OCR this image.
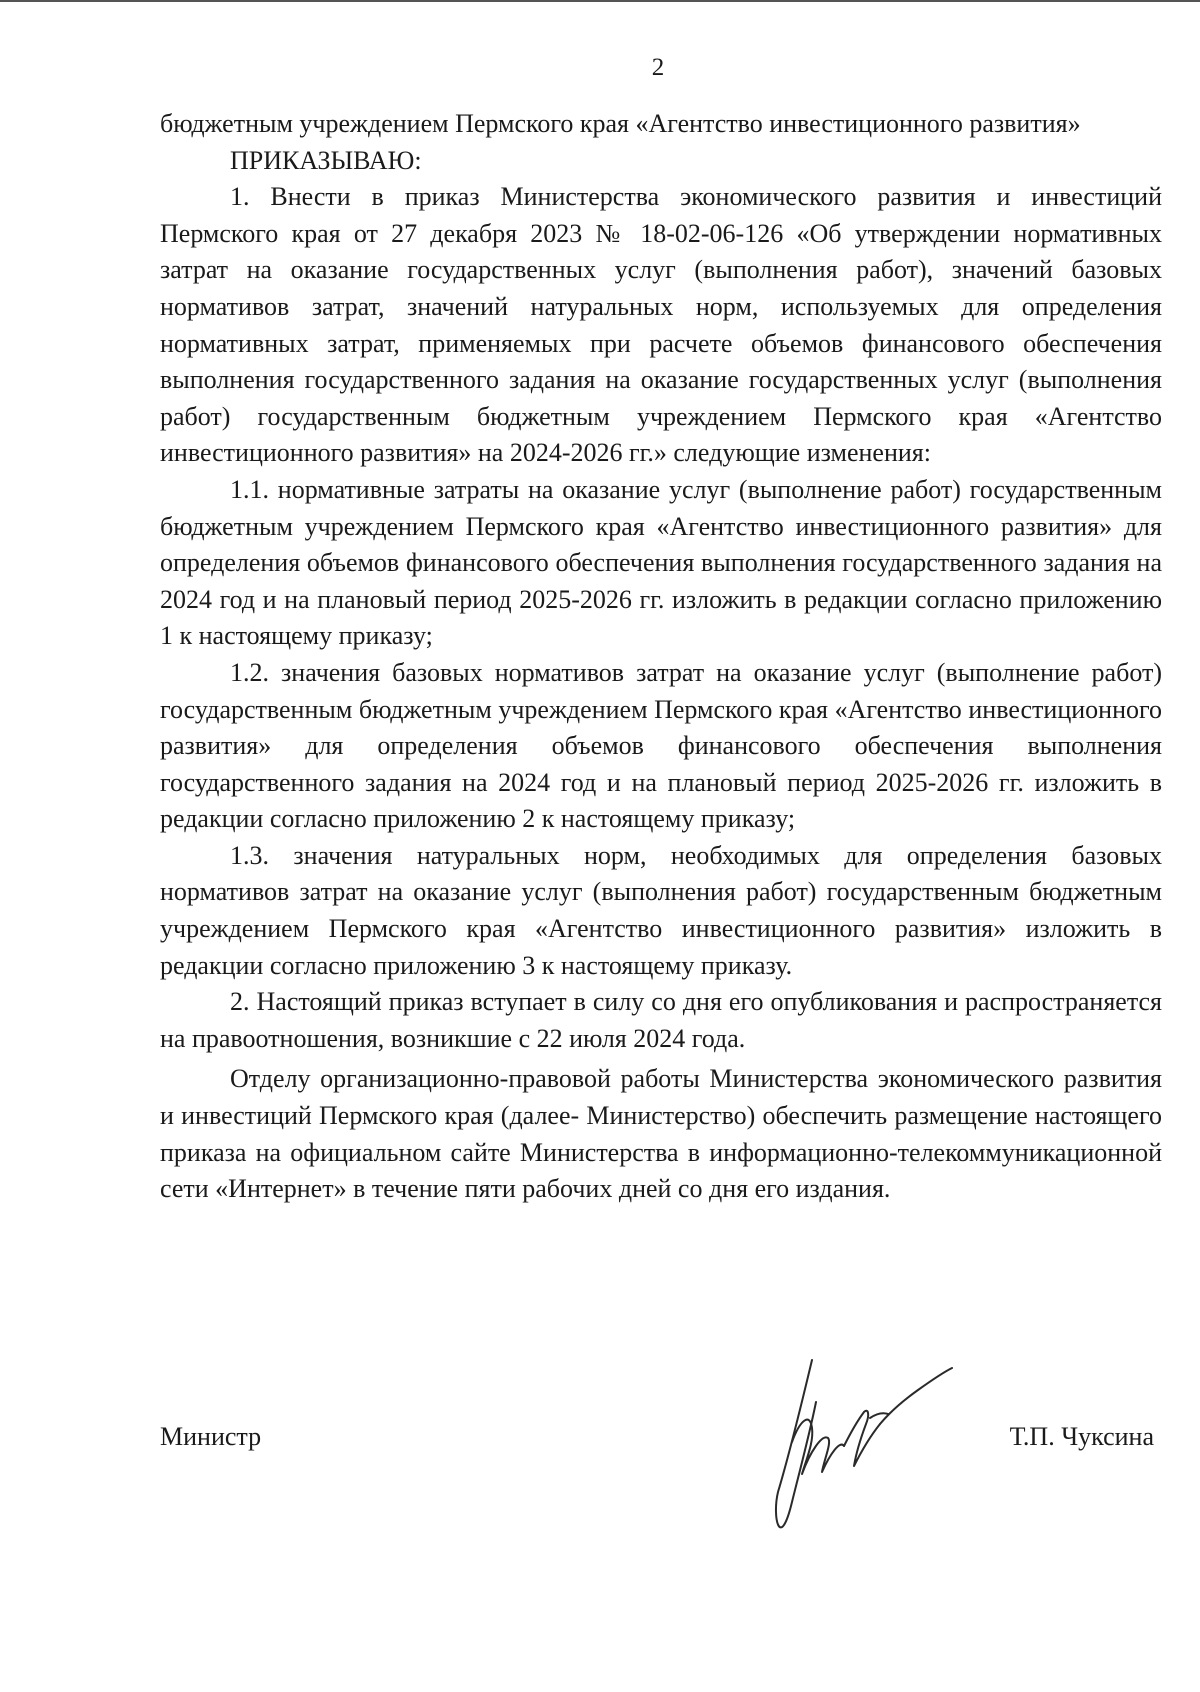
2

бюджетным учреждением Пермского края «Агентство инвестиционного развития»

ПРИКАЗЫВАЮ:

1. Внести в приказ Министерства экономического развития и инвестиций Пермского края от 27 декабря 2023 № 18-02-06-126 «Об утверждении нормативных затрат на оказание государственных услуг (выполнения работ), значений базовых нормативов затрат, значений натуральных норм, используемых для определения нормативных затрат, применяемых при расчете объемов финансового обеспечения выполнения государственного задания на оказание государственных услуг (выполнения работ) государственным бюджетным учреждением Пермского края «Агентство инвестиционного развития» на 2024-2026 гг.» следующие изменения:

1.1. нормативные затраты на оказание услуг (выполнение работ) государственным бюджетным учреждением Пермского края «Агентство инвестиционного развития» для определения объемов финансового обеспечения выполнения государственного задания на 2024 год и на плановый период 2025-2026 гг. изложить в редакции согласно приложению 1 к настоящему приказу;

1.2. значения базовых нормативов затрат на оказание услуг (выполнение работ) государственным бюджетным учреждением Пермского края «Агентство инвестиционного развития» для определения объемов финансового обеспечения выполнения государственного задания на 2024 год и на плановый период 2025-2026 гг. изложить в редакции согласно приложению 2 к настоящему приказу;

1.3. значения натуральных норм, необходимых для определения базовых нормативов затрат на оказание услуг (выполнения работ) государственным бюджетным учреждением Пермского края «Агентство инвестиционного развития» изложить в редакции согласно приложению 3 к настоящему приказу.

2. Настоящий приказ вступает в силу со дня его опубликования и распространяется на правоотношения, возникшие с 22 июля 2024 года.

Отделу организационно-правовой работы Министерства экономического развития и инвестиций Пермского края (далее- Министерство) обеспечить размещение настоящего приказа на официальном сайте Министерства в информационно-телекоммуникационной сети «Интернет» в течение пяти рабочих дней со дня его издания.

Министр	Т.П. Чуксина
